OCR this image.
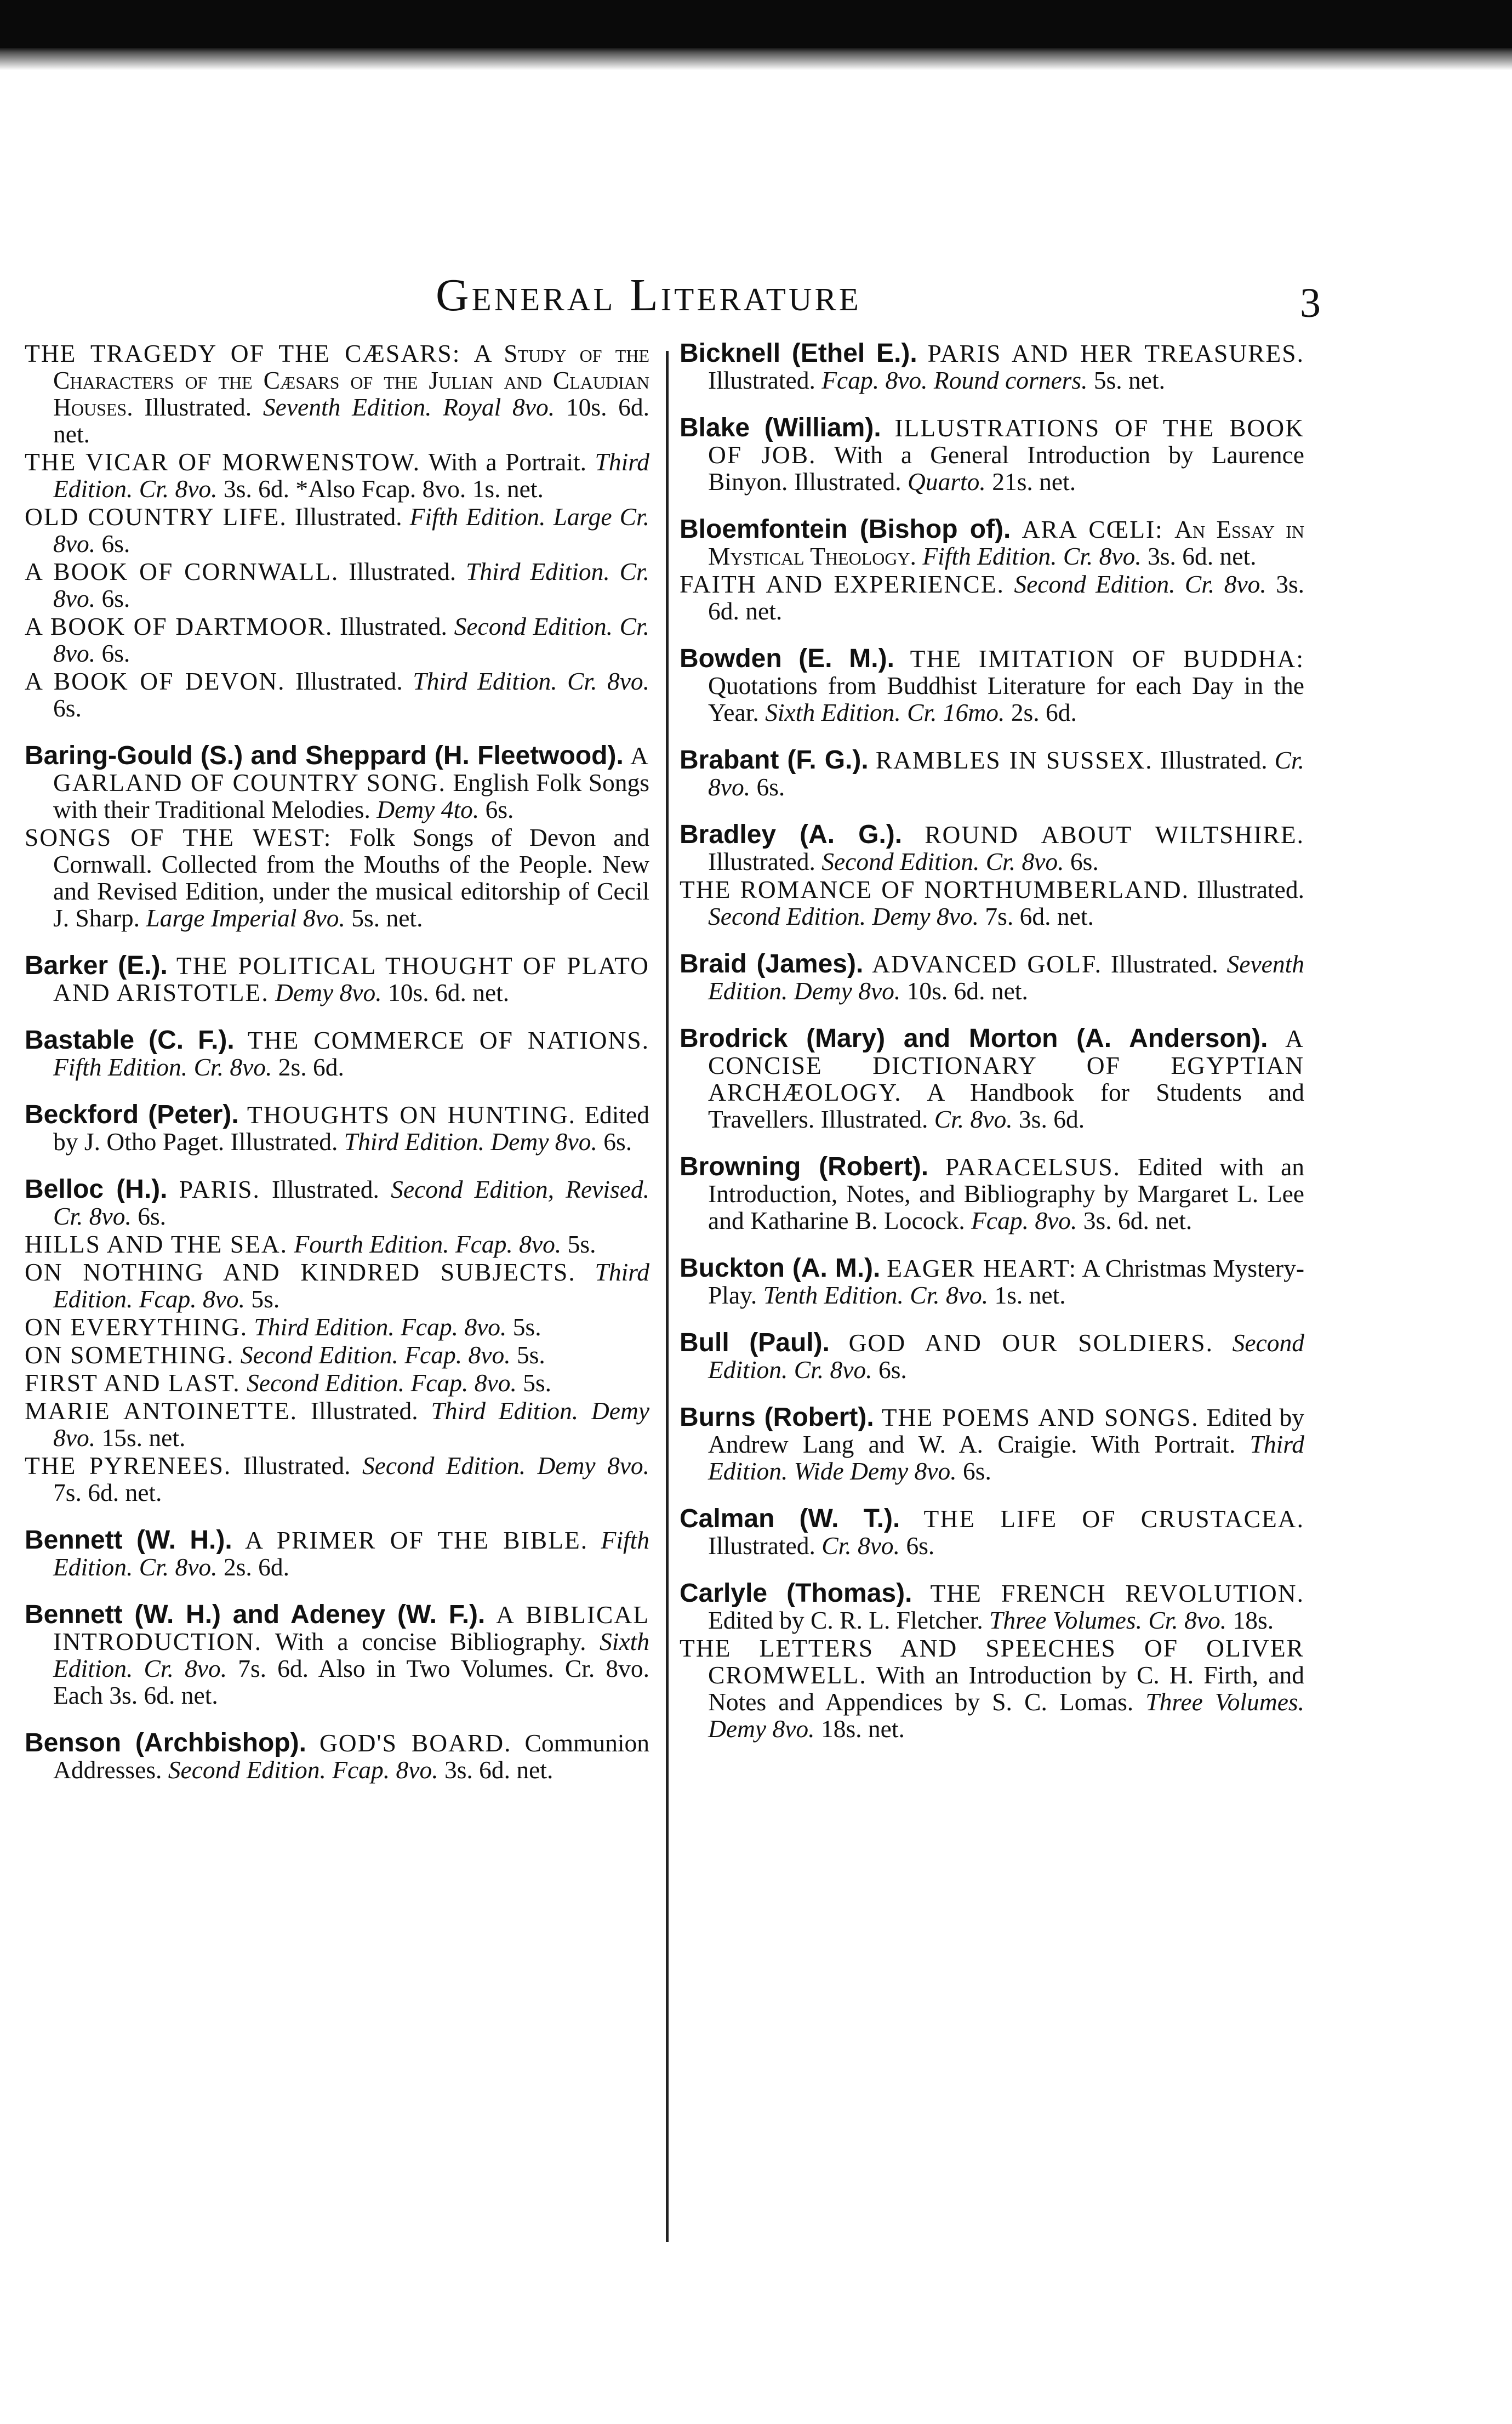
General Literature	3

THE TRAGEDY OF THE CÆSARS: A Study of the Characters of the Cæsars of the Julian and Claudian Houses. Illustrated. Seventh Edition. Royal 8vo. 10s. 6d. net.

THE VICAR OF MORWENSTOW. With a Portrait. Third Edition. Cr. 8vo. 3s. 6d. *Also Fcap. 8vo. 1s. net.

OLD COUNTRY LIFE. Illustrated. Fifth Edition. Large Cr. 8vo. 6s.

A BOOK OF CORNWALL. Illustrated. Third Edition. Cr. 8vo. 6s.

A BOOK OF DARTMOOR. Illustrated. Second Edition. Cr. 8vo. 6s.

A BOOK OF DEVON. Illustrated. Third Edition. Cr. 8vo. 6s.

Baring-Gould (S.) and Sheppard (H. Fleetwood). A GARLAND OF COUNTRY SONG. English Folk Songs with their Traditional Melodies. Demy 4to. 6s.

SONGS OF THE WEST: Folk Songs of Devon and Cornwall. Collected from the Mouths of the People. New and Revised Edition, under the musical editorship of Cecil J. Sharp. Large Imperial 8vo. 5s. net.

Barker (E.). THE POLITICAL THOUGHT OF PLATO AND ARISTOTLE. Demy 8vo. 10s. 6d. net.

Bastable (C. F.). THE COMMERCE OF NATIONS. Fifth Edition. Cr. 8vo. 2s. 6d.

Beckford (Peter). THOUGHTS ON HUNTING. Edited by J. Otho Paget. Illustrated. Third Edition. Demy 8vo. 6s.

Belloc (H.). PARIS. Illustrated. Second Edition, Revised. Cr. 8vo. 6s.

HILLS AND THE SEA. Fourth Edition. Fcap. 8vo. 5s.

ON NOTHING AND KINDRED SUBJECTS. Third Edition. Fcap. 8vo. 5s.

ON EVERYTHING. Third Edition. Fcap. 8vo. 5s.

ON SOMETHING. Second Edition. Fcap. 8vo. 5s.

FIRST AND LAST. Second Edition. Fcap. 8vo. 5s.

MARIE ANTOINETTE. Illustrated. Third Edition. Demy 8vo. 15s. net.

THE PYRENEES. Illustrated. Second Edition. Demy 8vo. 7s. 6d. net.

Bennett (W. H.). A PRIMER OF THE BIBLE. Fifth Edition. Cr. 8vo. 2s. 6d.

Bennett (W. H.) and Adeney (W. F.). A BIBLICAL INTRODUCTION. With a concise Bibliography. Sixth Edition. Cr. 8vo. 7s. 6d. Also in Two Volumes. Cr. 8vo. Each 3s. 6d. net.

Benson (Archbishop). GOD'S BOARD. Communion Addresses. Second Edition. Fcap. 8vo. 3s. 6d. net.

Bicknell (Ethel E.). PARIS AND HER TREASURES. Illustrated. Fcap. 8vo. Round corners. 5s. net.

Blake (William). ILLUSTRATIONS OF THE BOOK OF JOB. With a General Introduction by Laurence Binyon. Illustrated. Quarto. 21s. net.

Bloemfontein (Bishop of). ARA CŒLI: An Essay in Mystical Theology. Fifth Edition. Cr. 8vo. 3s. 6d. net.

FAITH AND EXPERIENCE. Second Edition. Cr. 8vo. 3s. 6d. net.

Bowden (E. M.). THE IMITATION OF BUDDHA: Quotations from Buddhist Literature for each Day in the Year. Sixth Edition. Cr. 16mo. 2s. 6d.

Brabant (F. G.). RAMBLES IN SUSSEX. Illustrated. Cr. 8vo. 6s.

Bradley (A. G.). ROUND ABOUT WILTSHIRE. Illustrated. Second Edition. Cr. 8vo. 6s.

THE ROMANCE OF NORTHUMBERLAND. Illustrated. Second Edition. Demy 8vo. 7s. 6d. net.

Braid (James). ADVANCED GOLF. Illustrated. Seventh Edition. Demy 8vo. 10s. 6d. net.

Brodrick (Mary) and Morton (A. Anderson). A CONCISE DICTIONARY OF EGYPTIAN ARCHÆOLOGY. A Handbook for Students and Travellers. Illustrated. Cr. 8vo. 3s. 6d.

Browning (Robert). PARACELSUS. Edited with an Introduction, Notes, and Bibliography by Margaret L. Lee and Katharine B. Locock. Fcap. 8vo. 3s. 6d. net.

Buckton (A. M.). EAGER HEART: A Christmas Mystery-Play. Tenth Edition. Cr. 8vo. 1s. net.

Bull (Paul). GOD AND OUR SOLDIERS. Second Edition. Cr. 8vo. 6s.

Burns (Robert). THE POEMS AND SONGS. Edited by Andrew Lang and W. A. Craigie. With Portrait. Third Edition. Wide Demy 8vo. 6s.

Calman (W. T.). THE LIFE OF CRUSTACEA. Illustrated. Cr. 8vo. 6s.

Carlyle (Thomas). THE FRENCH REVOLUTION. Edited by C. R. L. Fletcher. Three Volumes. Cr. 8vo. 18s.

THE LETTERS AND SPEECHES OF OLIVER CROMWELL. With an Introduction by C. H. Firth, and Notes and Appendices by S. C. Lomas. Three Volumes. Demy 8vo. 18s. net.
